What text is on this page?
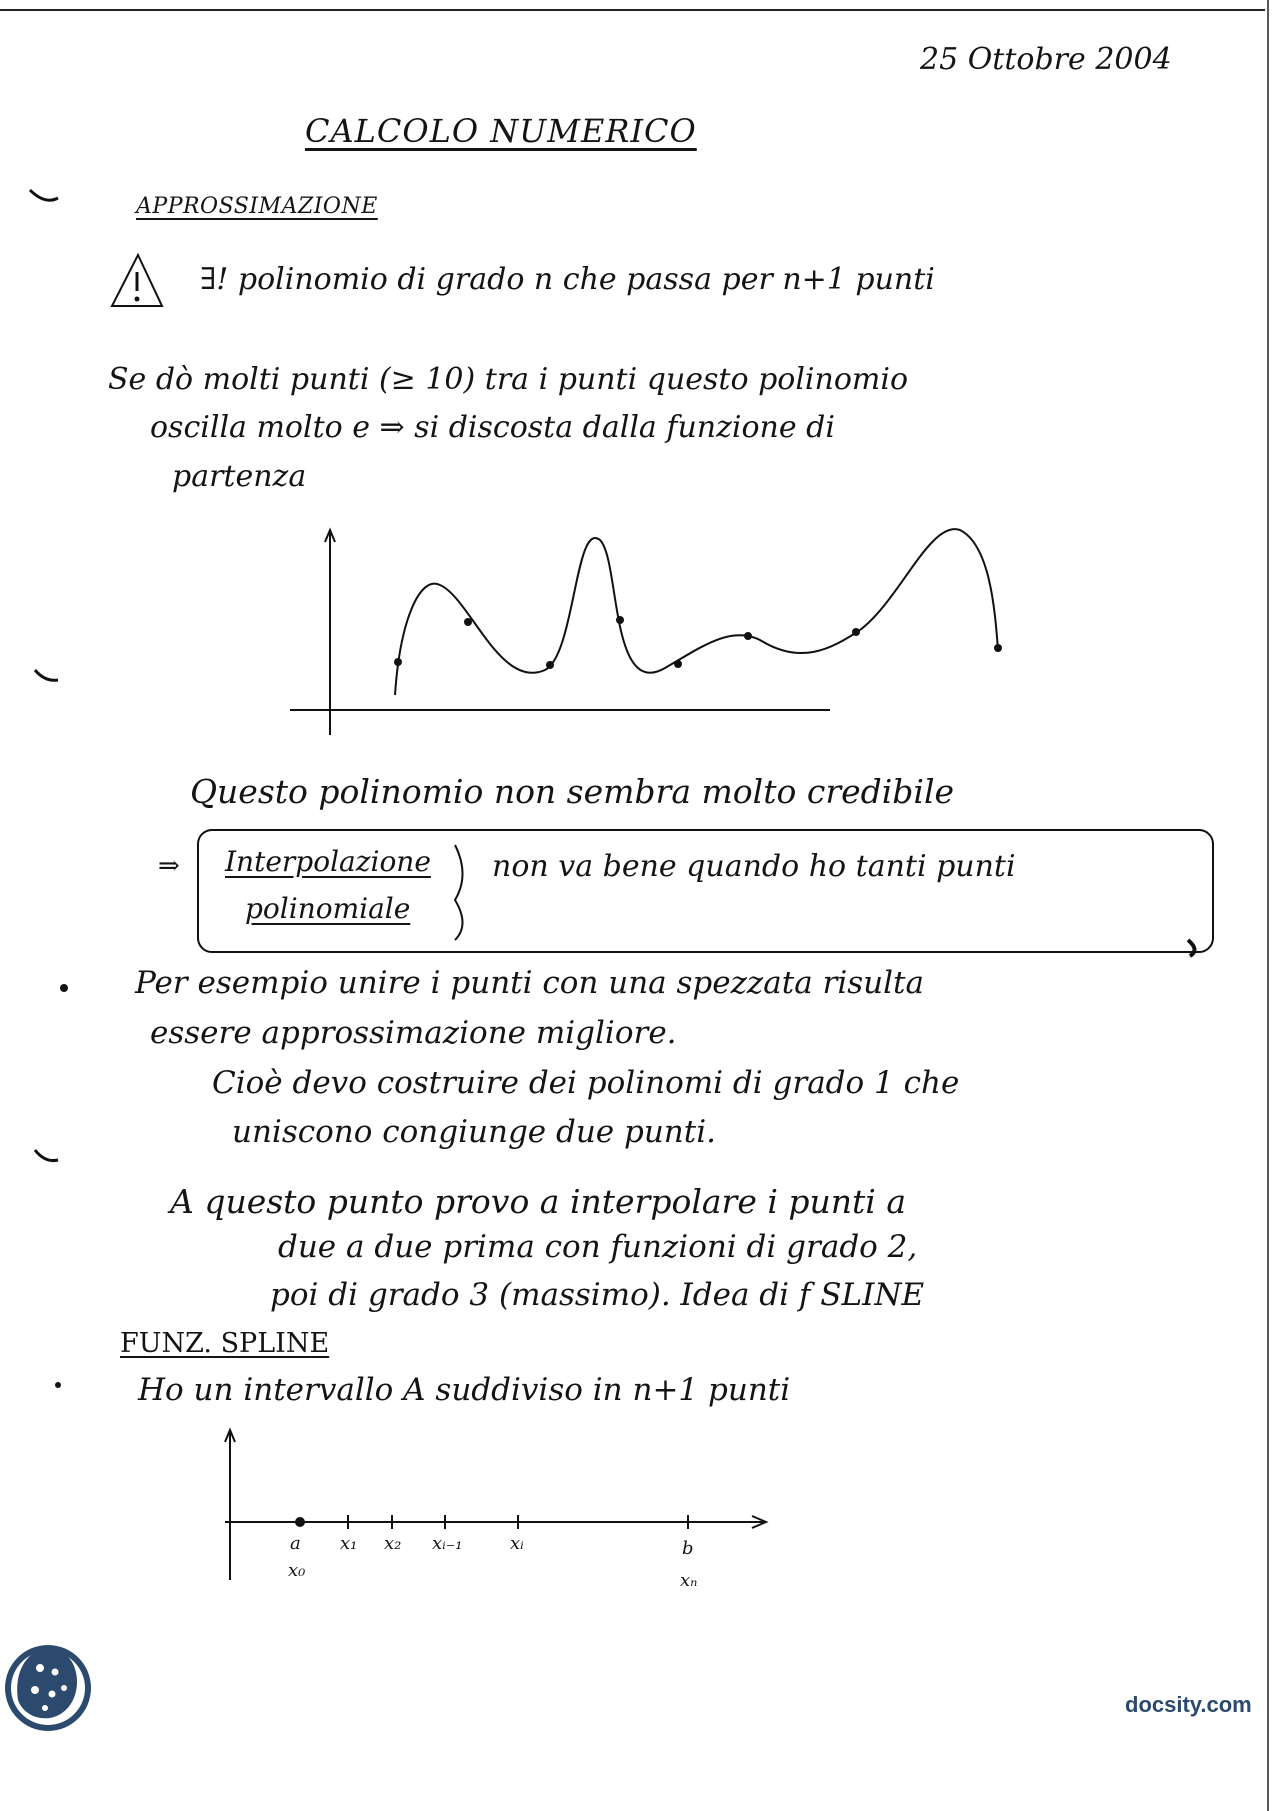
25 Ottobre 2004
CALCOLO NUMERICO
APPROSSIMAZIONE
∃! polinomio di grado n che passa per n+1 punti
Se dò molti punti (≥ 10) tra i punti questo polinomio
oscilla molto e ⇒ si discosta dalla funzione di
partenza
Questo polinomio non sembra molto credibile
⇒ Interpolazione
polinomiale
non va bene quando ho tanti punti
Per esempio unire i punti con una spezzata risulta
essere approssimazione migliore.
Cioè devo costruire dei polinomi di grado 1 che
uniscono congiunge due punti.
A questo punto provo a interpolare i punti a
due a due prima con funzioni di grado 2,
poi di grado 3 (massimo). Idea di f SLINE
FUNZ. SPLINE
Ho un intervallo A suddiviso in n+1 punti
a
x₀
x₁ x₂ xᵢ₋₁	xᵢ	b
xₙ
docsity.com
